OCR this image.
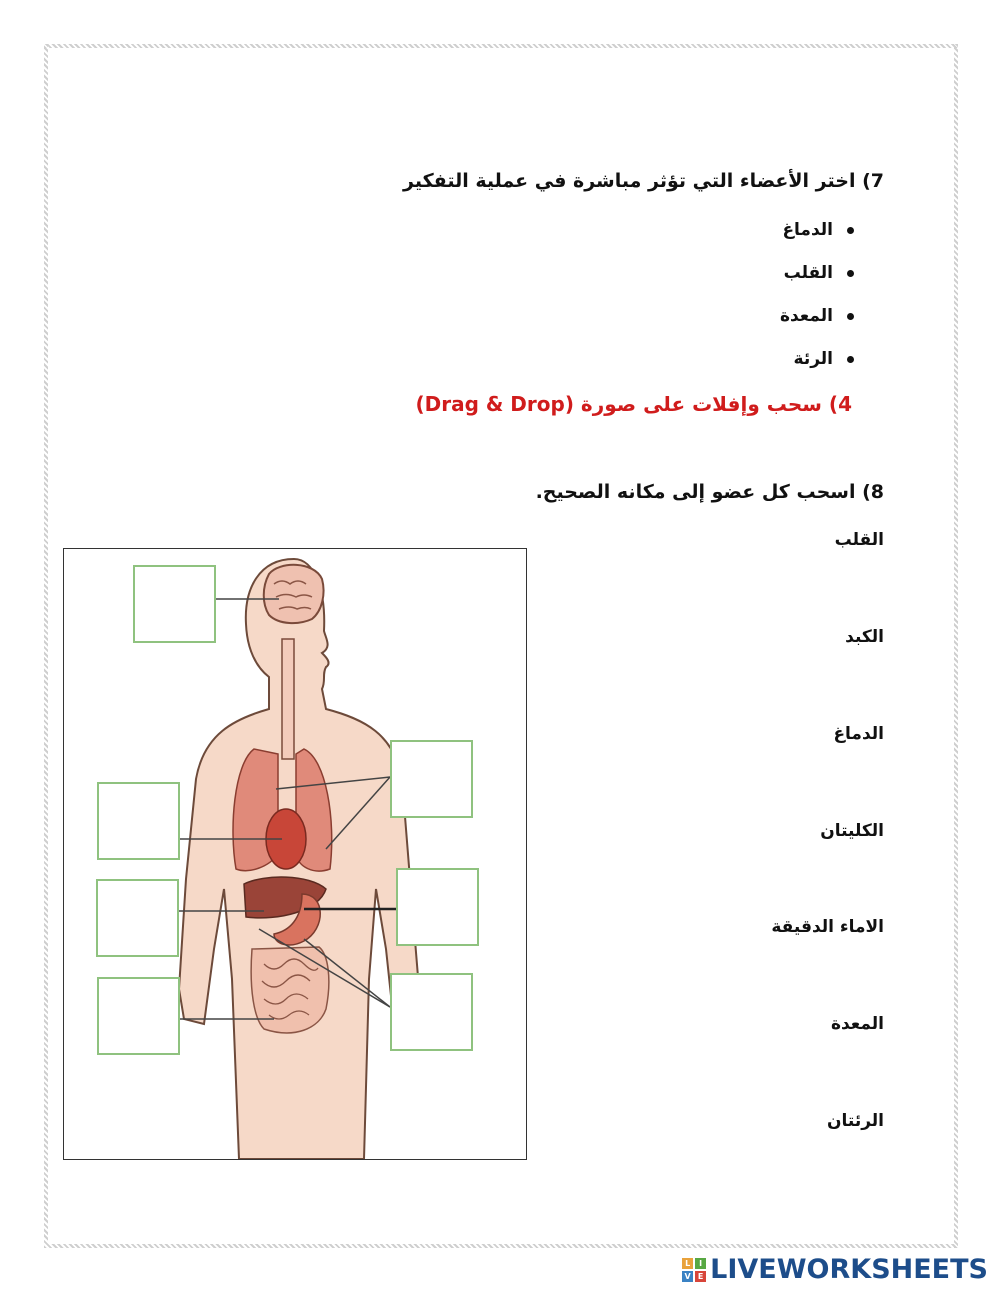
7) اختر الأعضاء التي تؤثر مباشرة في عملية التفكير
الدماغ
القلب
المعدة
الرئة
4) سحب وإفلات على صورة (Drag & Drop)
8) اسحب كل عضو إلى مكانه الصحيح.
القلب
الكبد
الدماغ
الكليتان
الاماء الدقيقة
المعدة
الرئتان
L	I
V E LIVEWORKSHEETS
